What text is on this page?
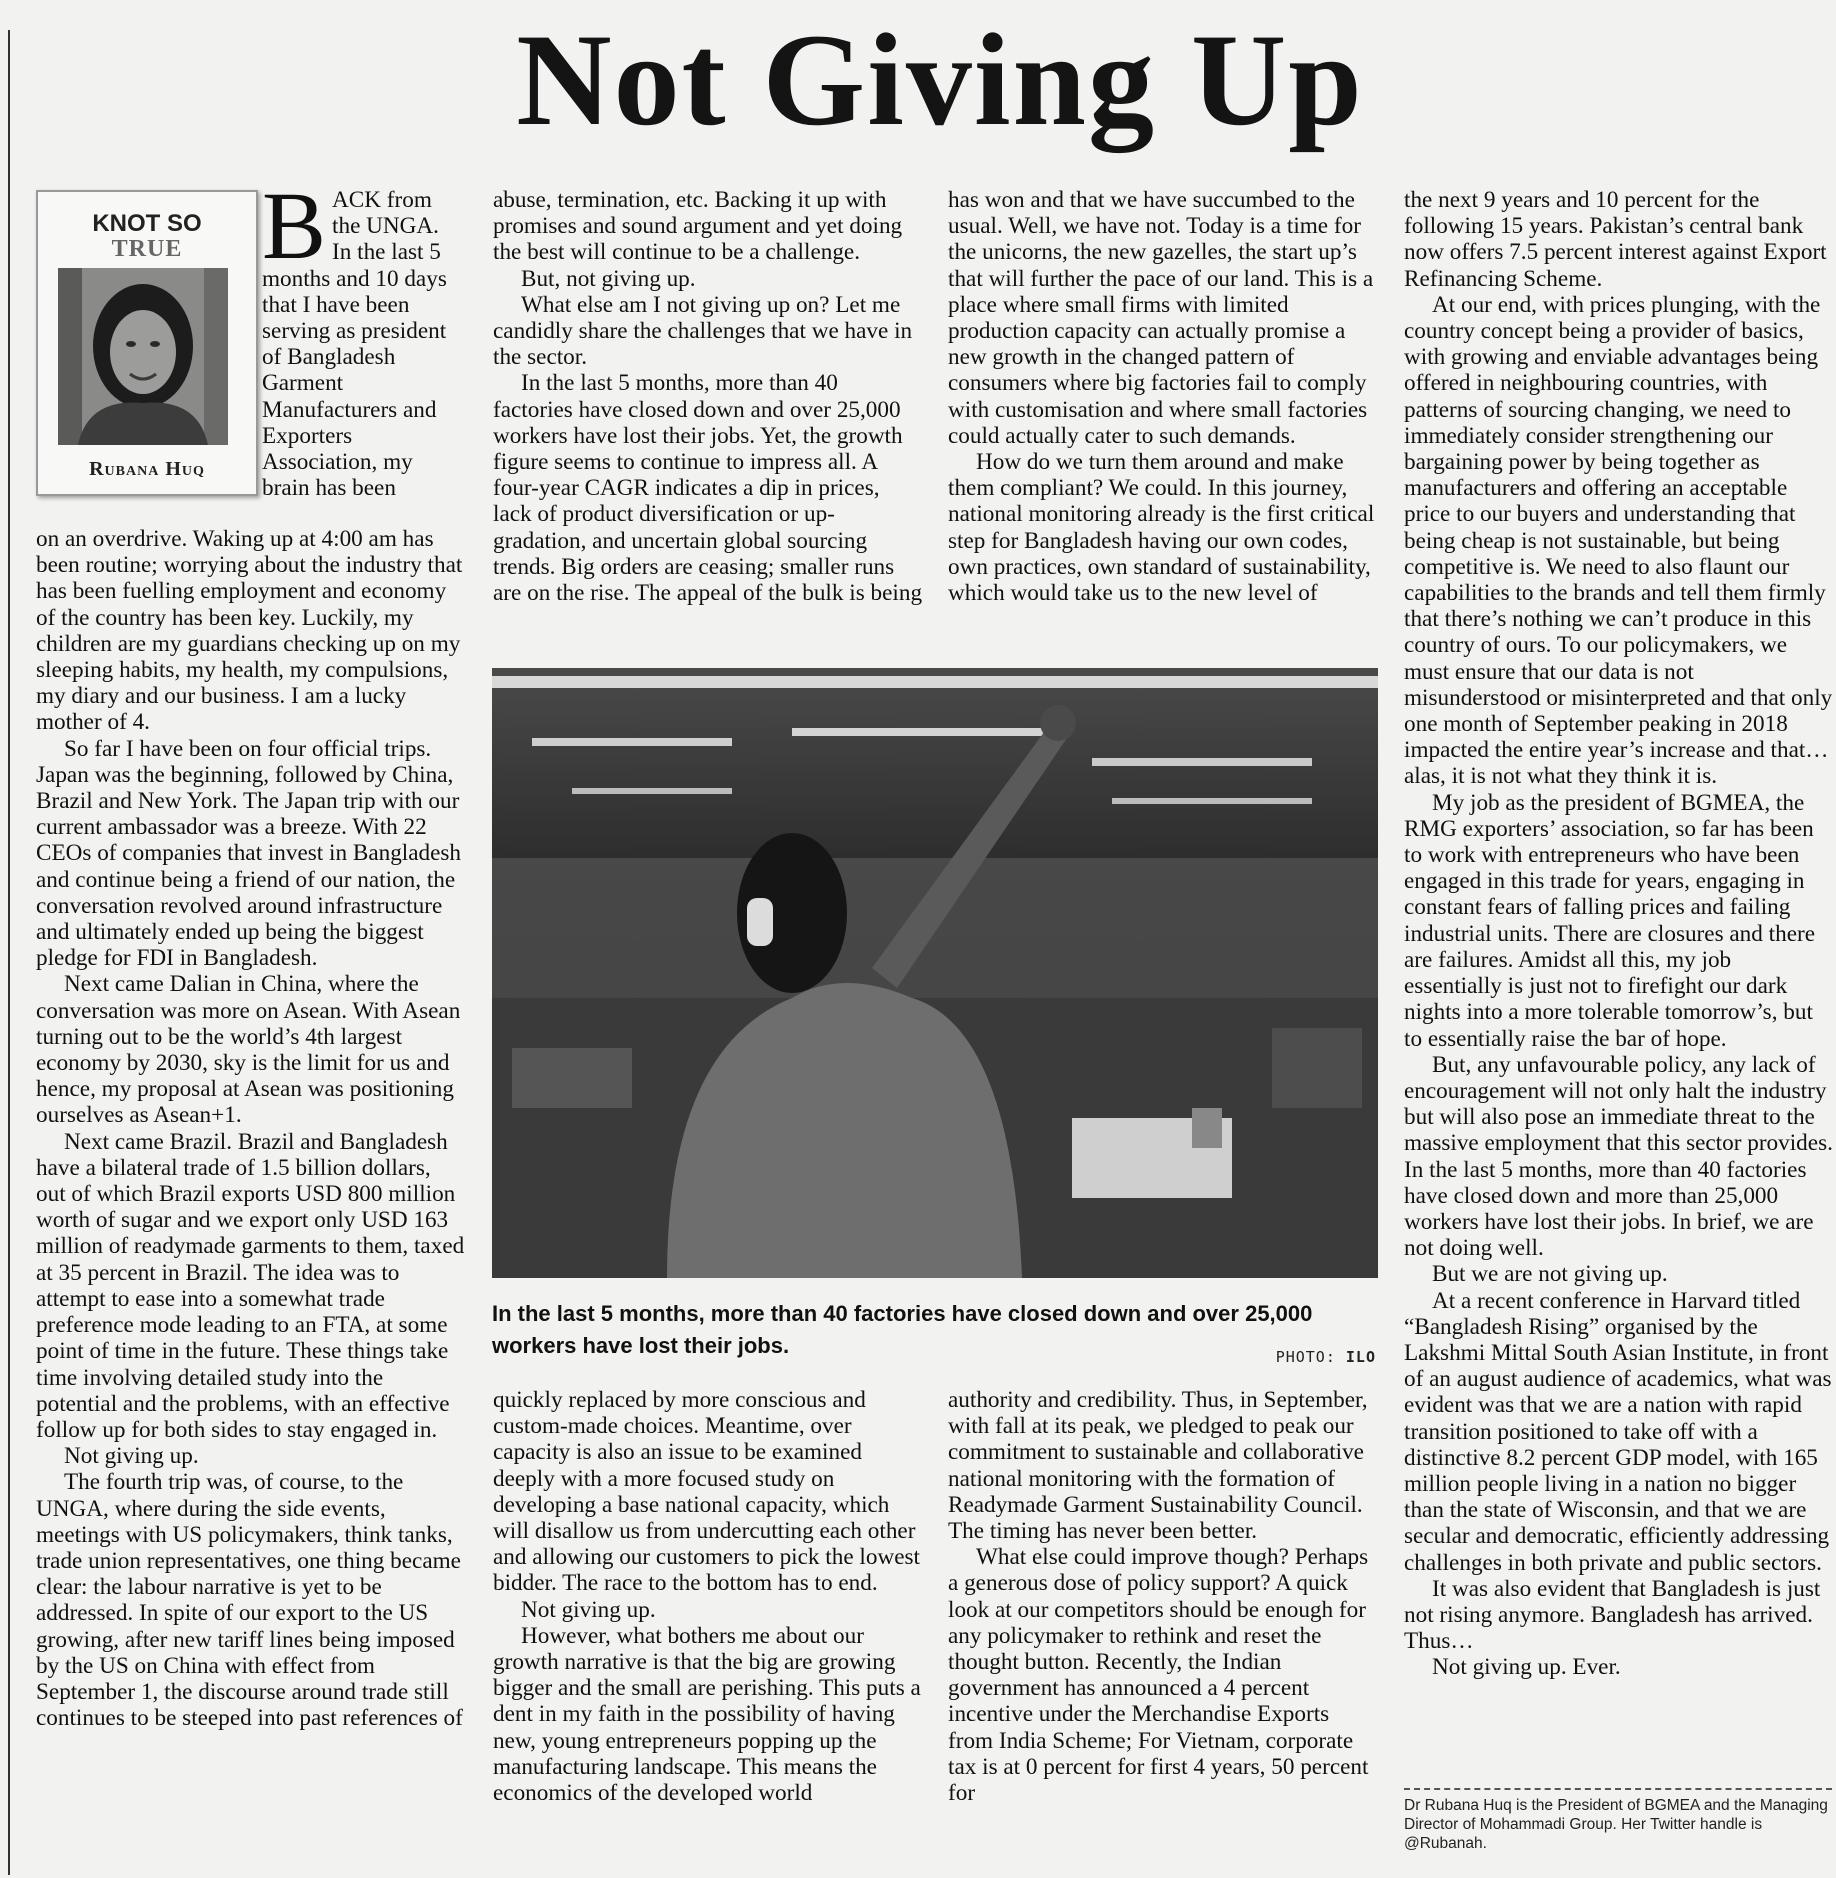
Not Giving Up
KNOT SO
TRUE
Rubana Huq
BACK from the UNGA. In the last 5 months and 10 days that I have been serving as president of Bangladesh Garment Manufacturers and Exporters Association, my brain has been

on an overdrive. Waking up at 4:00 am has been routine; worrying about the industry that has been fuelling employment and economy of the country has been key. Luckily, my children are my guardians checking up on my sleeping habits, my health, my compulsions, my diary and our business. I am a lucky mother of 4.

So far I have been on four official trips. Japan was the beginning, followed by China, Brazil and New York. The Japan trip with our current ambassador was a breeze. With 22 CEOs of companies that invest in Bangladesh and continue being a friend of our nation, the conversation revolved around infrastructure and ultimately ended up being the biggest pledge for FDI in Bangladesh.

Next came Dalian in China, where the conversation was more on Asean. With Asean turning out to be the world’s 4th largest economy by 2030, sky is the limit for us and hence, my proposal at Asean was positioning ourselves as Asean+1.

Next came Brazil. Brazil and Bangladesh have a bilateral trade of 1.5 billion dollars, out of which Brazil exports USD 800 million worth of sugar and we export only USD 163 million of readymade garments to them, taxed at 35 percent in Brazil. The idea was to attempt to ease into a somewhat trade preference mode leading to an FTA, at some point of time in the future. These things take time involving detailed study into the potential and the problems, with an effective follow up for both sides to stay engaged in.

Not giving up.

The fourth trip was, of course, to the UNGA, where during the side events, meetings with US policymakers, think tanks, trade union representatives, one thing became clear: the labour narrative is yet to be addressed. In spite of our export to the US growing, after new tariff lines being imposed by the US on China with effect from September 1, the discourse around trade still continues to be steeped into past references of

abuse, termination, etc. Backing it up with promises and sound argument and yet doing the best will continue to be a challenge.

But, not giving up.

What else am I not giving up on? Let me candidly share the challenges that we have in the sector.

In the last 5 months, more than 40 factories have closed down and over 25,000 workers have lost their jobs. Yet, the growth figure seems to continue to impress all. A four-year CAGR indicates a dip in prices, lack of product diversification or up-gradation, and uncertain global sourcing trends. Big orders are ceasing; smaller runs are on the rise. The appeal of the bulk is being

has won and that we have succumbed to the usual. Well, we have not. Today is a time for the unicorns, the new gazelles, the start up’s that will further the pace of our land. This is a place where small firms with limited production capacity can actually promise a new growth in the changed pattern of consumers where big factories fail to comply with customisation and where small factories could actually cater to such demands.

How do we turn them around and make them compliant? We could. In this journey, national monitoring already is the first critical step for Bangladesh having our own codes, own practices, own standard of sustainability, which would take us to the new level of

In the last 5 months, more than 40 factories have closed down and over 25,000 workers have lost their jobs.	PHOTO: ILO

quickly replaced by more conscious and custom-made choices. Meantime, over capacity is also an issue to be examined deeply with a more focused study on developing a base national capacity, which will disallow us from undercutting each other and allowing our customers to pick the lowest bidder. The race to the bottom has to end.

Not giving up.

However, what bothers me about our growth narrative is that the big are growing bigger and the small are perishing. This puts a dent in my faith in the possibility of having new, young entrepreneurs popping up the manufacturing landscape. This means the economics of the developed world

authority and credibility. Thus, in September, with fall at its peak, we pledged to peak our commitment to sustainable and collaborative national monitoring with the formation of Readymade Garment Sustainability Council. The timing has never been better.

What else could improve though? Perhaps a generous dose of policy support? A quick look at our competitors should be enough for any policymaker to rethink and reset the thought button. Recently, the Indian government has announced a 4 percent incentive under the Merchandise Exports from India Scheme; For Vietnam, corporate tax is at 0 percent for first 4 years, 50 percent for

the next 9 years and 10 percent for the following 15 years. Pakistan’s central bank now offers 7.5 percent interest against Export Refinancing Scheme.

At our end, with prices plunging, with the country concept being a provider of basics, with growing and enviable advantages being offered in neighbouring countries, with patterns of sourcing changing, we need to immediately consider strengthening our bargaining power by being together as manufacturers and offering an acceptable price to our buyers and understanding that being cheap is not sustainable, but being competitive is. We need to also flaunt our capabilities to the brands and tell them firmly that there’s nothing we can’t produce in this country of ours. To our policymakers, we must ensure that our data is not misunderstood or misinterpreted and that only one month of September peaking in 2018 impacted the entire year’s increase and that…alas, it is not what they think it is.

My job as the president of BGMEA, the RMG exporters’ association, so far has been to work with entrepreneurs who have been engaged in this trade for years, engaging in constant fears of falling prices and failing industrial units. There are closures and there are failures. Amidst all this, my job essentially is just not to firefight our dark nights into a more tolerable tomorrow’s, but to essentially raise the bar of hope.

But, any unfavourable policy, any lack of encouragement will not only halt the industry but will also pose an immediate threat to the massive employment that this sector provides. In the last 5 months, more than 40 factories have closed down and more than 25,000 workers have lost their jobs. In brief, we are not doing well.

But we are not giving up.

At a recent conference in Harvard titled “Bangladesh Rising” organised by the Lakshmi Mittal South Asian Institute, in front of an august audience of academics, what was evident was that we are a nation with rapid transition positioned to take off with a distinctive 8.2 percent GDP model, with 165 million people living in a nation no bigger than the state of Wisconsin, and that we are secular and democratic, efficiently addressing challenges in both private and public sectors.

It was also evident that Bangladesh is just not rising anymore. Bangladesh has arrived. Thus…

Not giving up. Ever.

Dr Rubana Huq is the President of BGMEA and the Managing Director of Mohammadi Group. Her Twitter handle is @Rubanah.
